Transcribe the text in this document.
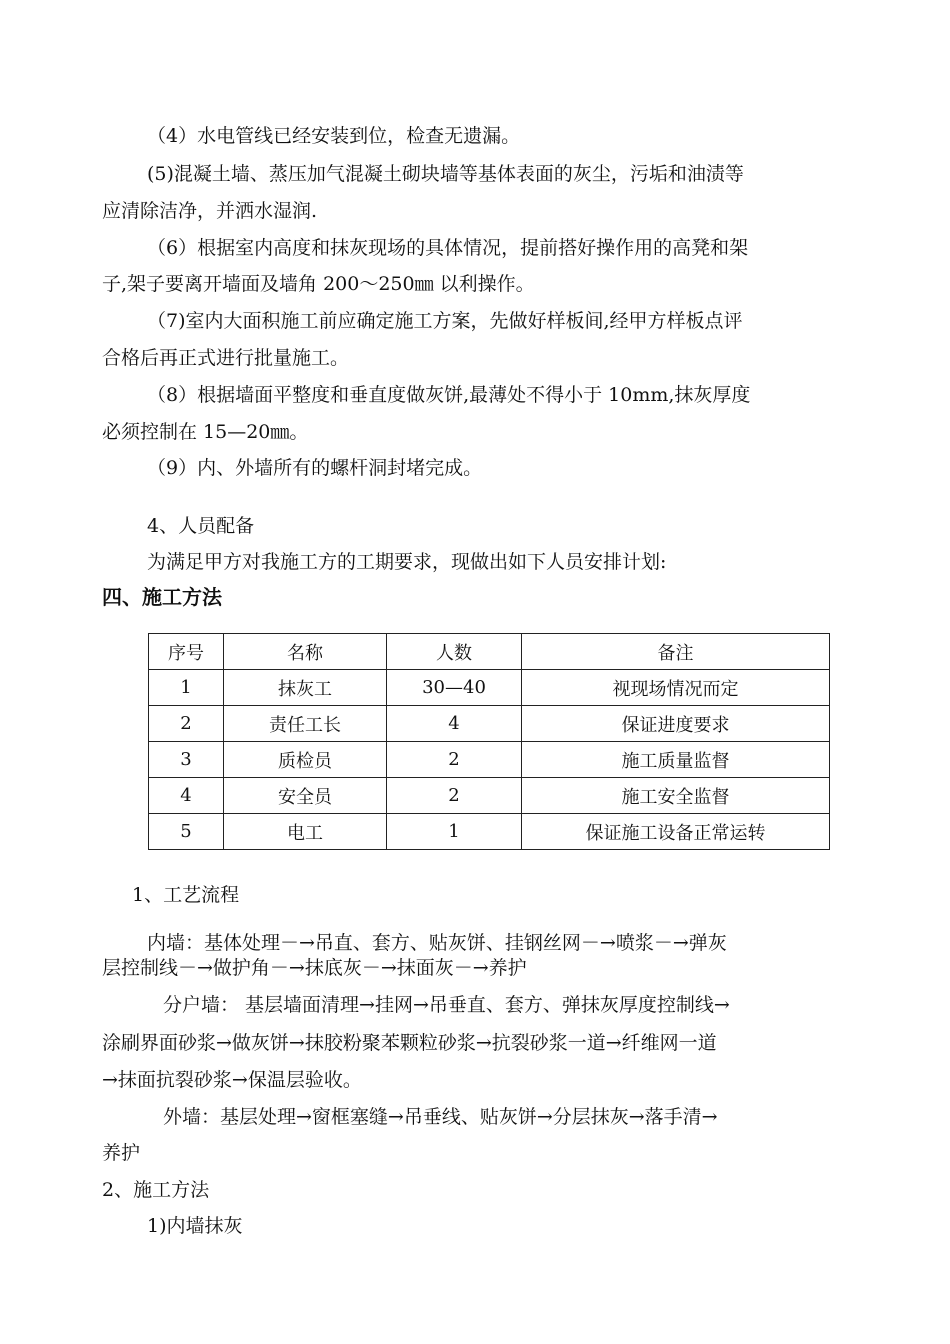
（4）水电管线已经安装到位，检查无遗漏。
(5)混凝土墙、蒸压加气混凝土砌块墙等基体表面的灰尘，污垢和油渍等
应清除洁净，并洒水湿润.
（6）根据室内高度和抹灰现场的具体情况，提前搭好操作用的高凳和架
子,架子要离开墙面及墙角 200～250㎜ 以利操作。
（7)室内大面积施工前应确定施工方案，先做好样板间,经甲方样板点评
合格后再正式进行批量施工。
（8）根据墙面平整度和垂直度做灰饼,最薄处不得小于 10mm,抹灰厚度
必须控制在 15—20㎜。
（9）内、外墙所有的螺杆洞封堵完成。
4、人员配备
为满足甲方对我施工方的工期要求，现做出如下人员安排计划:
四、施工方法
序号	名称	人数	备注
1	抹灰工	30—40	视现场情况而定
2	责任工长	4	保证进度要求
3	质检员	2	施工质量监督
4	安全员	2	施工安全监督
5	电工	1	保证施工设备正常运转
1、工艺流程
内墙：基体处理－→吊直、套方、贴灰饼、挂钢丝网－→喷浆－→弹灰
层控制线－→做护角－→抹底灰－→抹面灰－→养护
分户墙： 基层墙面清理→挂网→吊垂直、套方、弹抹灰厚度控制线→
涂刷界面砂浆→做灰饼→抹胶粉聚苯颗粒砂浆→抗裂砂浆一道→纤维网一道
→抹面抗裂砂浆→保温层验收。
外墙：基层处理→窗框塞缝→吊垂线、贴灰饼→分层抹灰→落手清→
养护
2、施工方法
1)内墙抹灰
